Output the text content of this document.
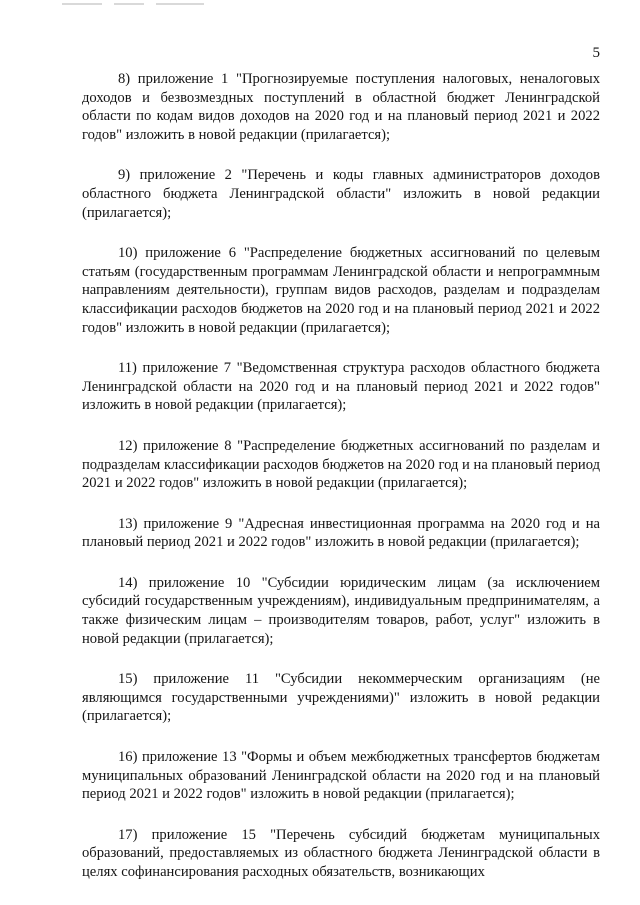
5

8) приложение 1 "Прогнозируемые поступления налоговых, неналоговых доходов и безвозмездных поступлений в областной бюджет Ленинградской области по кодам видов доходов на 2020 год и на плановый период 2021 и 2022 годов" изложить в новой редакции (прилагается);

9) приложение 2 "Перечень и коды главных администраторов доходов областного бюджета Ленинградской области" изложить в новой редакции (прилагается);

10) приложение 6 "Распределение бюджетных ассигнований по целевым статьям (государственным программам Ленинградской области и непрограммным направлениям деятельности), группам видов расходов, разделам и подразделам классификации расходов бюджетов на 2020 год и на плановый период 2021 и 2022 годов" изложить в новой редакции (прилагается);

11) приложение 7 "Ведомственная структура расходов областного бюджета Ленинградской области на 2020 год и на плановый период 2021 и 2022 годов" изложить в новой редакции (прилагается);

12) приложение 8 "Распределение бюджетных ассигнований по разделам и подразделам классификации расходов бюджетов на 2020 год и на плановый период 2021 и 2022 годов" изложить в новой редакции (прилагается);

13) приложение 9 "Адресная инвестиционная программа на 2020 год и на плановый период 2021 и 2022 годов" изложить в новой редакции (прилагается);

14) приложение 10 "Субсидии юридическим лицам (за исключением субсидий государственным учреждениям), индивидуальным предпринимателям, а также физическим лицам – производителям товаров, работ, услуг" изложить в новой редакции (прилагается);

15) приложение 11 "Субсидии некоммерческим организациям (не являющимся государственными учреждениями)" изложить в новой редакции (прилагается);

16) приложение 13 "Формы и объем межбюджетных трансфертов бюджетам муниципальных образований Ленинградской области на 2020 год и на плановый период 2021 и 2022 годов" изложить в новой редакции (прилагается);

17) приложение 15 "Перечень субсидий бюджетам муниципальных образований, предоставляемых из областного бюджета Ленинградской области в целях софинансирования расходных обязательств, возникающих
